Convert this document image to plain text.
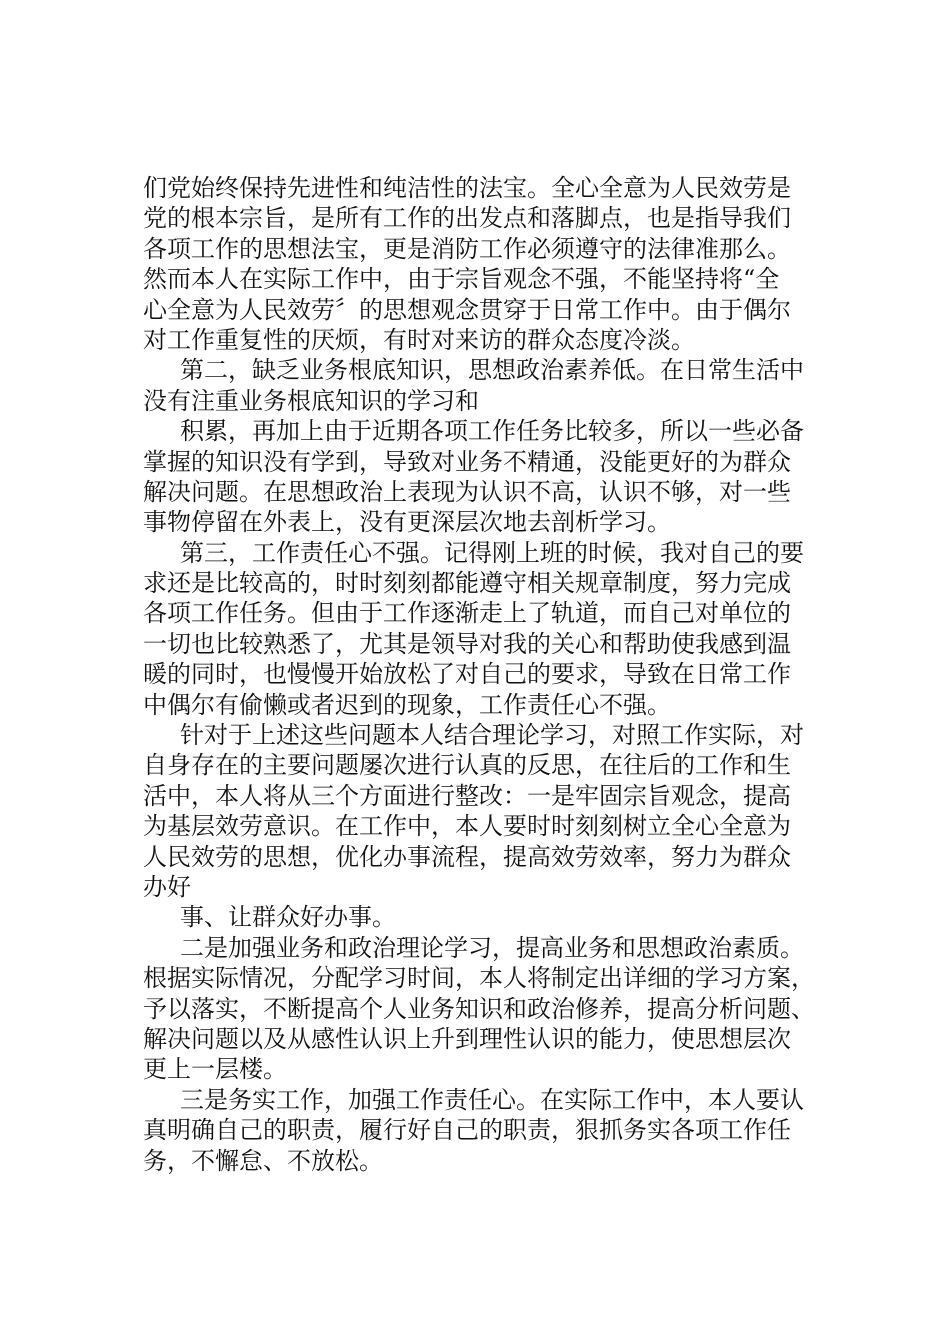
们党始终保持先进性和纯洁性的法宝。全心全意为人民效劳是
党的根本宗旨，是所有工作的出发点和落脚点，也是指导我们
各项工作的思想法宝，更是消防工作必须遵守的法律准那么。
然而本人在实际工作中，由于宗旨观念不强，不能坚持将“全
心全意为人民效劳〞的思想观念贯穿于日常工作中。由于偶尔
对工作重复性的厌烦，有时对来访的群众态度冷淡。
第二，缺乏业务根底知识，思想政治素养低。在日常生活中
没有注重业务根底知识的学习和
积累，再加上由于近期各项工作任务比较多，所以一些必备
掌握的知识没有学到，导致对业务不精通，没能更好的为群众
解决问题。在思想政治上表现为认识不高，认识不够，对一些
事物停留在外表上，没有更深层次地去剖析学习。
第三，工作责任心不强。记得刚上班的时候，我对自己的要
求还是比较高的，时时刻刻都能遵守相关规章制度，努力完成
各项工作任务。但由于工作逐渐走上了轨道，而自己对单位的
一切也比较熟悉了，尤其是领导对我的关心和帮助使我感到温
暖的同时，也慢慢开始放松了对自己的要求，导致在日常工作
中偶尔有偷懒或者迟到的现象，工作责任心不强。
针对于上述这些问题本人结合理论学习，对照工作实际，对
自身存在的主要问题屡次进行认真的反思，在往后的工作和生
活中，本人将从三个方面进行整改：一是牢固宗旨观念，提高
为基层效劳意识。在工作中，本人要时时刻刻树立全心全意为
人民效劳的思想，优化办事流程，提高效劳效率，努力为群众
办好
事、让群众好办事。
二是加强业务和政治理论学习，提高业务和思想政治素质。
根据实际情况，分配学习时间，本人将制定出详细的学习方案，
予以落实，不断提高个人业务知识和政治修养，提高分析问题、
解决问题以及从感性认识上升到理性认识的能力，使思想层次
更上一层楼。
三是务实工作，加强工作责任心。在实际工作中，本人要认
真明确自己的职责，履行好自己的职责，狠抓务实各项工作任
务，不懈怠、不放松。
